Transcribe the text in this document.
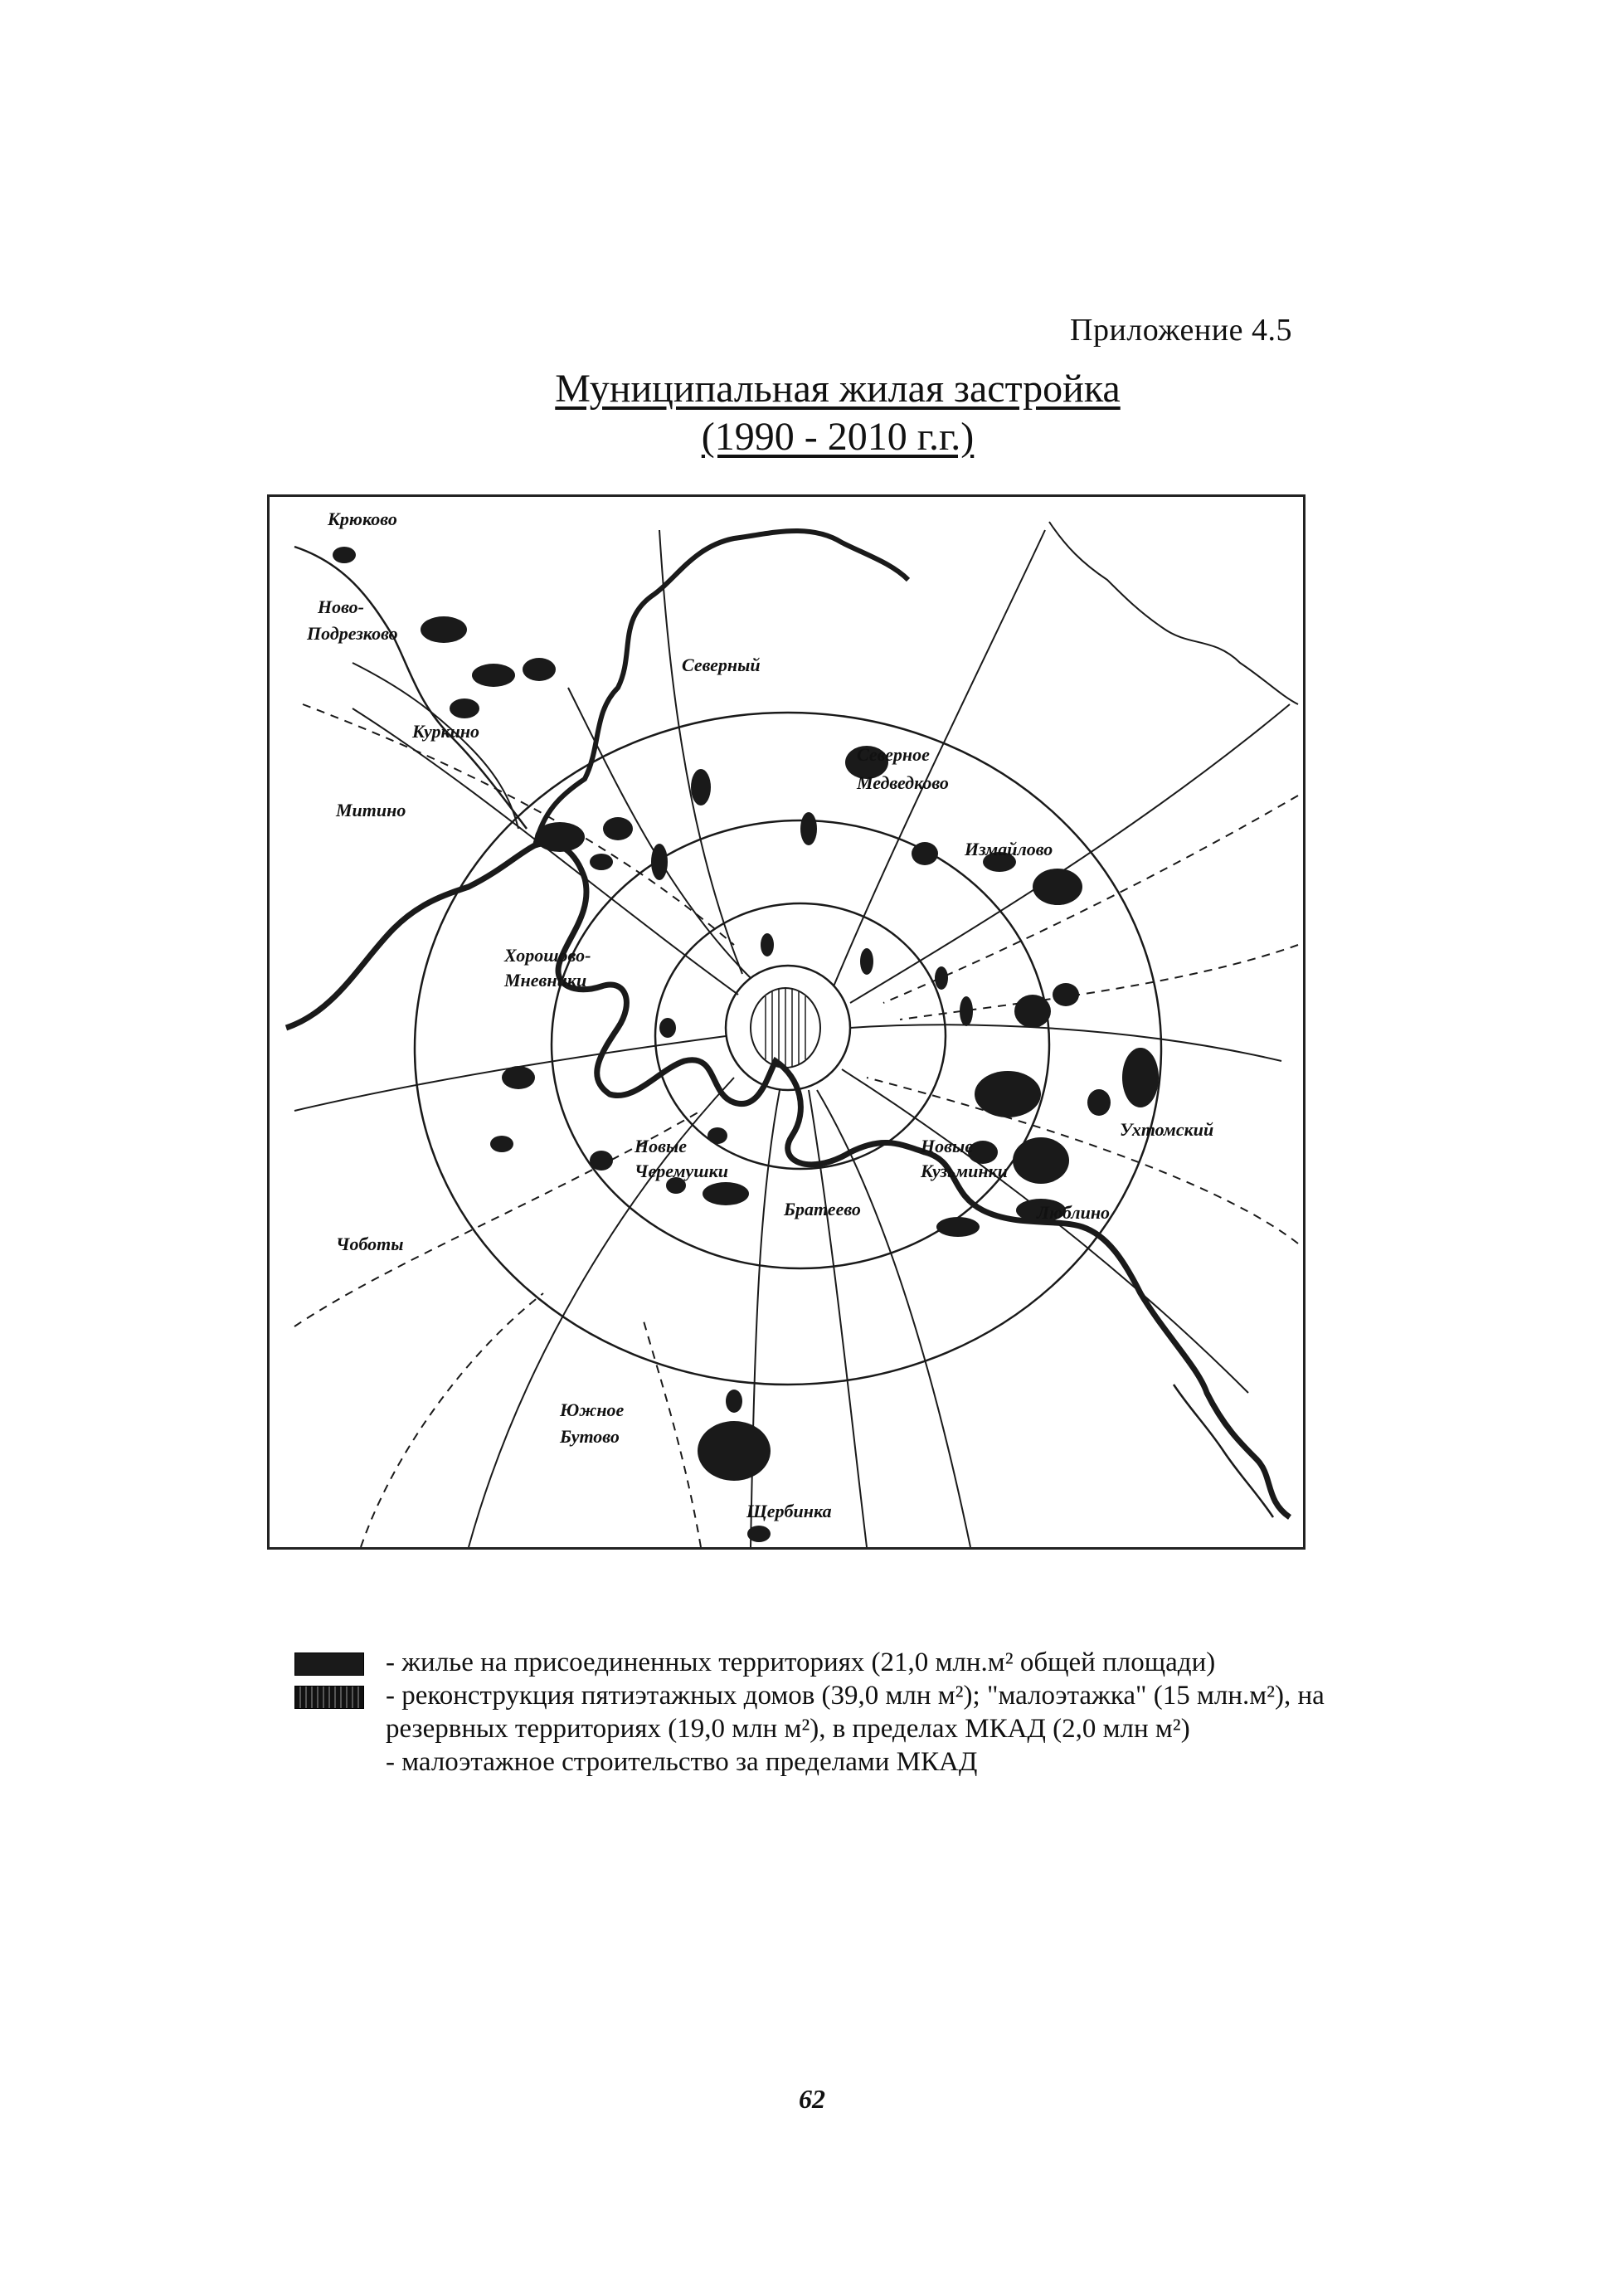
Приложение 4.5
Муниципальная жилая застройка
(1990 - 2010 г.г.)
Крюково
Ново-
Подрезково
Куркино
Митино
Северный
Северное
Медведково
Измайлово
Хорошово-
Мневники
Ухтомский
Новые
Черемушки
Новые
Кузьминки
Братеево	Люблино
Чоботы
Южное
Бутово
Щербинка
- жилье на присоединенных территориях (21,0 млн.м² общей площади)
- реконструкция пятиэтажных домов (39,0 млн м²); "малоэтажка" (15 млн.м²), на резервных территориях (19,0 млн м²), в пределах МКАД (2,0 млн м²)
- малоэтажное строительство за пределами МКАД
62
